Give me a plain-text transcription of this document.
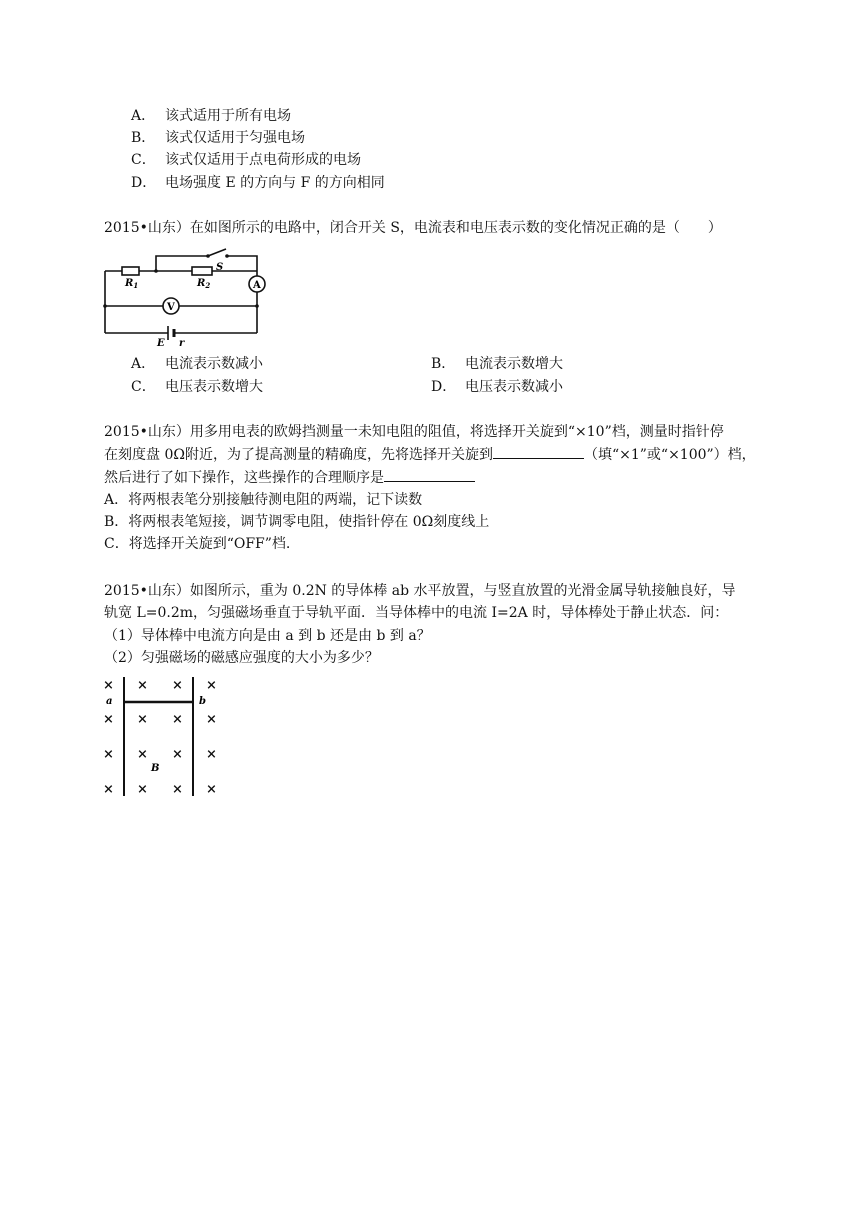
A． 该式适用于所有电场
B． 该式仅适用于匀强电场
C． 该式仅适用于点电荷形成的电场
D． 电场强度 E 的方向与 F 的方向相同
2015•山东）在如图所示的电路中，闭合开关 S，电流表和电压表示数的变化情况正确的是（　　）
S
$R_1$	$R_2$	A
V
E r
A． 电流表示数减小	B． 电流表示数增大
C． 电压表示数增大	D． 电压表示数减小
2015•山东）用多用电表的欧姆挡测量一未知电阻的阻值，将选择开关旋到“×10”档，测量时指针停
在刻度盘 0Ω附近，为了提高测量的精确度，先将选择开关旋到	（填“×1”或“×100”）档，
然后进行了如下操作，这些操作的合理顺序是
A．将两根表笔分别接触待测电阻的两端，记下读数
B．将两根表笔短接，调节调零电阻，使指针停在 0Ω刻度线上
C．将选择开关旋到“OFF”档.
2015•山东）如图所示，重为 0.2N 的导体棒 ab 水平放置，与竖直放置的光滑金属导轨接触良好，导
轨宽 L=0.2m，匀强磁场垂直于导轨平面．当导体棒中的电流 I=2A 时，导体棒处于静止状态．问：
（1）导体棒中电流方向是由 a 到 b 还是由 b 到 a？
（2）匀强磁场的磁感应强度的大小为多少？
× × × ×
× × × ×
× × × ×
× × × ×
a	b
B
